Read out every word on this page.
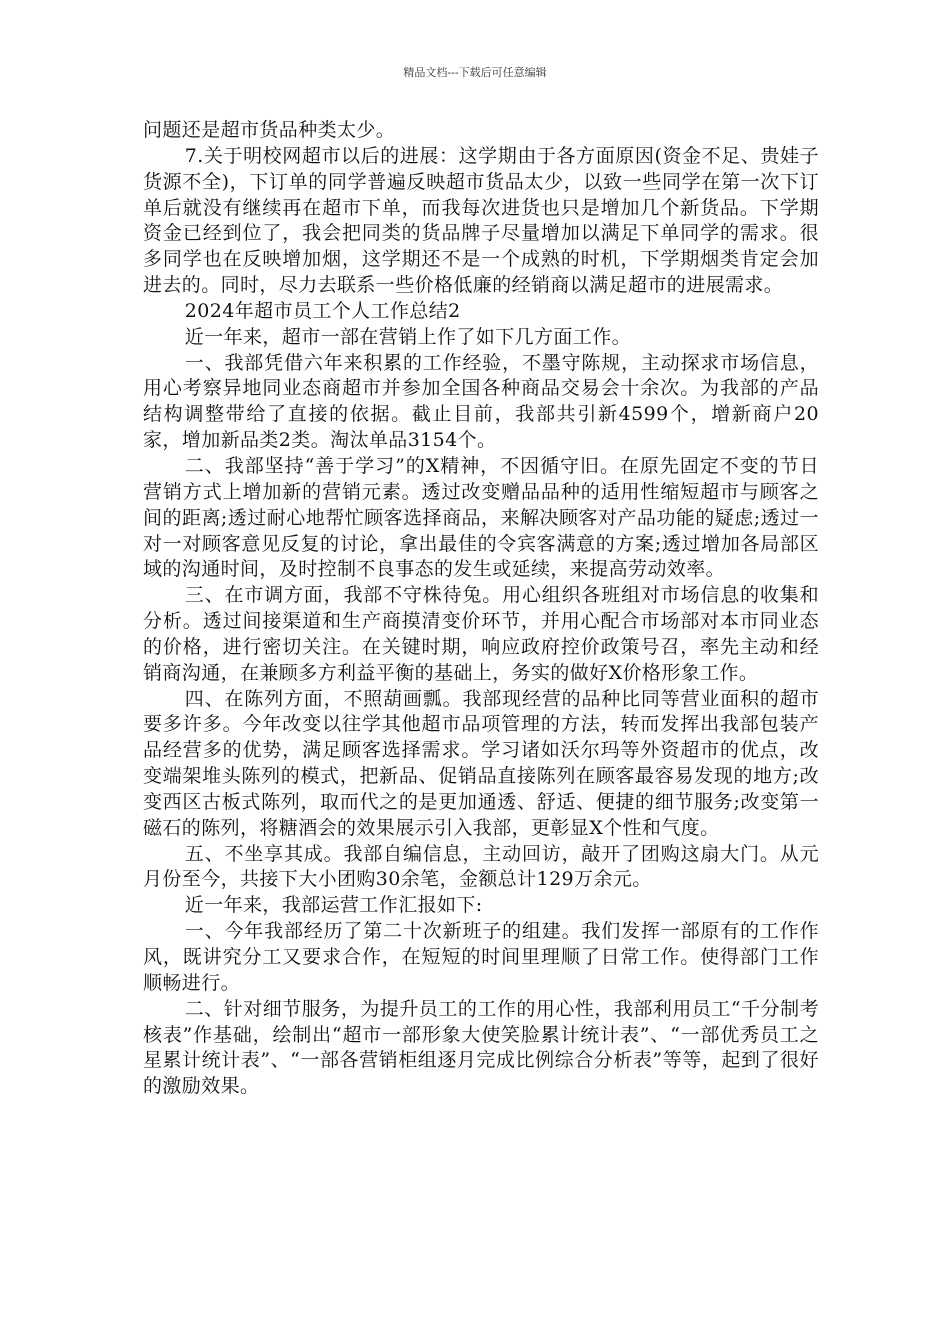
精品文档---下载后可任意编辑

问题还是超市货品种类太少。

7.关于明校网超市以后的进展：这学期由于各方面原因(资金不足、贵娃子货源不全)，下订单的同学普遍反映超市货品太少，以致一些同学在第一次下订单后就没有继续再在超市下单，而我每次进货也只是增加几个新货品。下学期资金已经到位了，我会把同类的货品牌子尽量增加以满足下单同学的需求。很多同学也在反映增加烟，这学期还不是一个成熟的时机，下学期烟类肯定会加进去的。同时，尽力去联系一些价格低廉的经销商以满足超市的进展需求。

2024年超市员工个人工作总结2

近一年来，超市一部在营销上作了如下几方面工作。

一、我部凭借六年来积累的工作经验，不墨守陈规，主动探求市场信息，用心考察异地同业态商超市并参加全国各种商品交易会十余次。为我部的产品结构调整带给了直接的依据。截止目前，我部共引新4599个，增新商户20家，增加新品类2类。淘汰单品3154个。

二、我部坚持“善于学习”的X精神，不因循守旧。在原先固定不变的节日营销方式上增加新的营销元素。透过改变赠品品种的适用性缩短超市与顾客之间的距离;透过耐心地帮忙顾客选择商品，来解决顾客对产品功能的疑虑;透过一对一对顾客意见反复的讨论，拿出最佳的令宾客满意的方案;透过增加各局部区域的沟通时间，及时控制不良事态的发生或延续，来提高劳动效率。

三、在市调方面，我部不守株待兔。用心组织各班组对市场信息的收集和分析。透过间接渠道和生产商摸清变价环节，并用心配合市场部对本市同业态的价格，进行密切关注。在关键时期，响应政府控价政策号召，率先主动和经销商沟通，在兼顾多方利益平衡的基础上，务实的做好X价格形象工作。

四、在陈列方面，不照葫画瓢。我部现经营的品种比同等营业面积的超市要多许多。今年改变以往学其他超市品项管理的方法，转而发挥出我部包装产品经营多的优势，满足顾客选择需求。学习诸如沃尔玛等外资超市的优点，改变端架堆头陈列的模式，把新品、促销品直接陈列在顾客最容易发现的地方;改变西区古板式陈列，取而代之的是更加通透、舒适、便捷的细节服务;改变第一磁石的陈列，将糖酒会的效果展示引入我部，更彰显X个性和气度。

五、不坐享其成。我部自编信息，主动回访，敲开了团购这扇大门。从元月份至今，共接下大小团购30余笔，金额总计129万余元。

近一年来，我部运营工作汇报如下:

一、今年我部经历了第二十次新班子的组建。我们发挥一部原有的工作作风，既讲究分工又要求合作，在短短的时间里理顺了日常工作。使得部门工作顺畅进行。

二、针对细节服务，为提升员工的工作的用心性，我部利用员工“千分制考核表”作基础，绘制出“超市一部形象大使笑脸累计统计表”、“一部优秀员工之星累计统计表”、“一部各营销柜组逐月完成比例综合分析表”等等，起到了很好的激励效果。
